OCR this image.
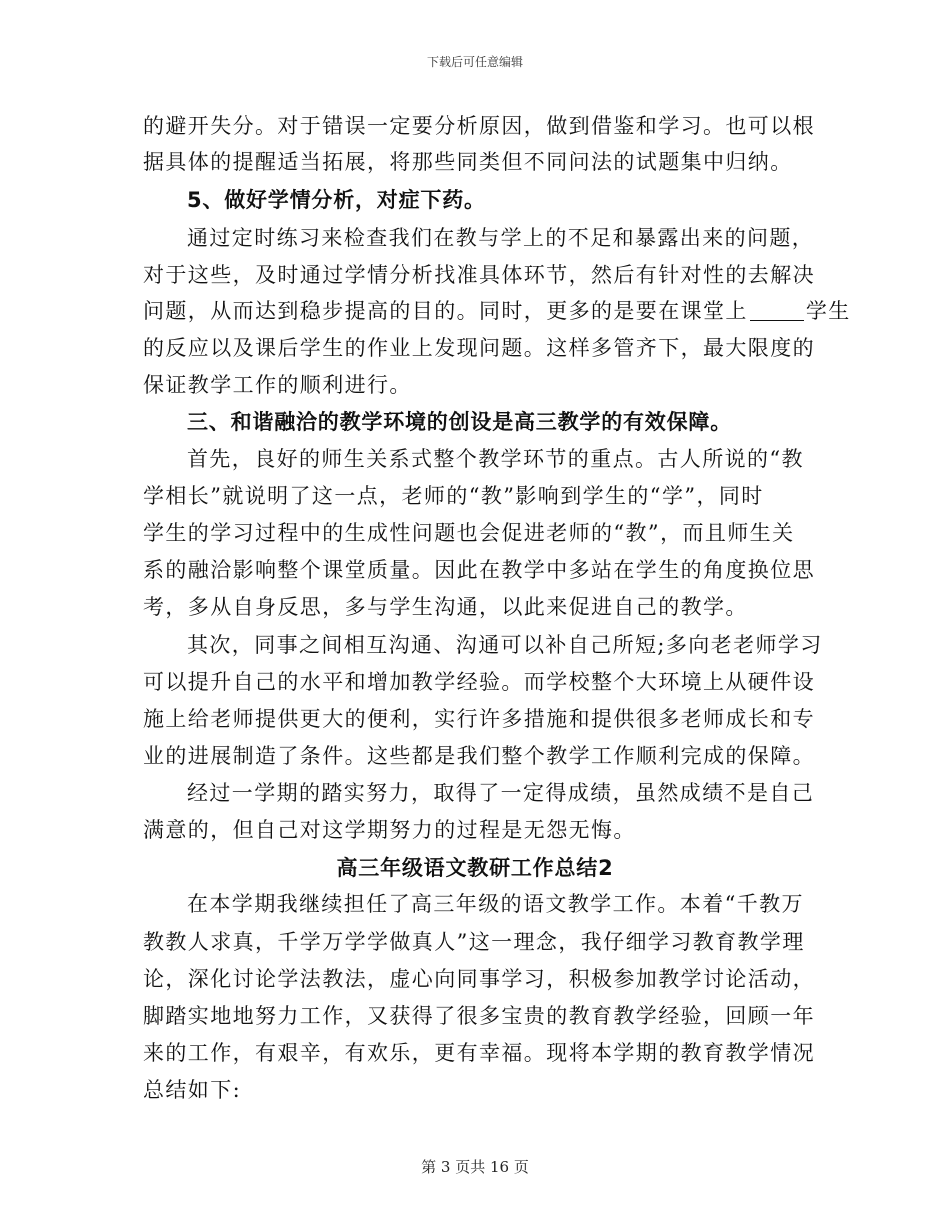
下载后可任意编辑
的避开失分。对于错误一定要分析原因，做到借鉴和学习。也可以根
据具体的提醒适当拓展，将那些同类但不同问法的试题集中归纳。
5、做好学情分析，对症下药。
通过定时练习来检查我们在教与学上的不足和暴露出来的问题，
对于这些，及时通过学情分析找准具体环节，然后有针对性的去解决
问题，从而达到稳步提高的目的。同时，更多的是要在课堂上	学生
的反应以及课后学生的作业上发现问题。这样多管齐下，最大限度的
保证教学工作的顺利进行。
三、和谐融洽的教学环境的创设是高三教学的有效保障。
首先，良好的师生关系式整个教学环节的重点。古人所说的“教
学相长”就说明了这一点，老师的“教”影响到学生的“学”，同时
学生的学习过程中的生成性问题也会促进老师的“教”，而且师生关
系的融洽影响整个课堂质量。因此在教学中多站在学生的角度换位思
考，多从自身反思，多与学生沟通，以此来促进自己的教学。
其次，同事之间相互沟通、沟通可以补自己所短;多向老老师学习
可以提升自己的水平和增加教学经验。而学校整个大环境上从硬件设
施上给老师提供更大的便利，实行许多措施和提供很多老师成长和专
业的进展制造了条件。这些都是我们整个教学工作顺利完成的保障。
经过一学期的踏实努力，取得了一定得成绩，虽然成绩不是自己
满意的，但自己对这学期努力的过程是无怨无悔。
高三年级语文教研工作总结2
在本学期我继续担任了高三年级的语文教学工作。本着“千教万
教教人求真，千学万学学做真人”这一理念，我仔细学习教育教学理
论，深化讨论学法教法，虚心向同事学习，积极参加教学讨论活动，
脚踏实地地努力工作，又获得了很多宝贵的教育教学经验，回顾一年
来的工作，有艰辛，有欢乐，更有幸福。现将本学期的教育教学情况
总结如下:
第 3 页共 16 页
